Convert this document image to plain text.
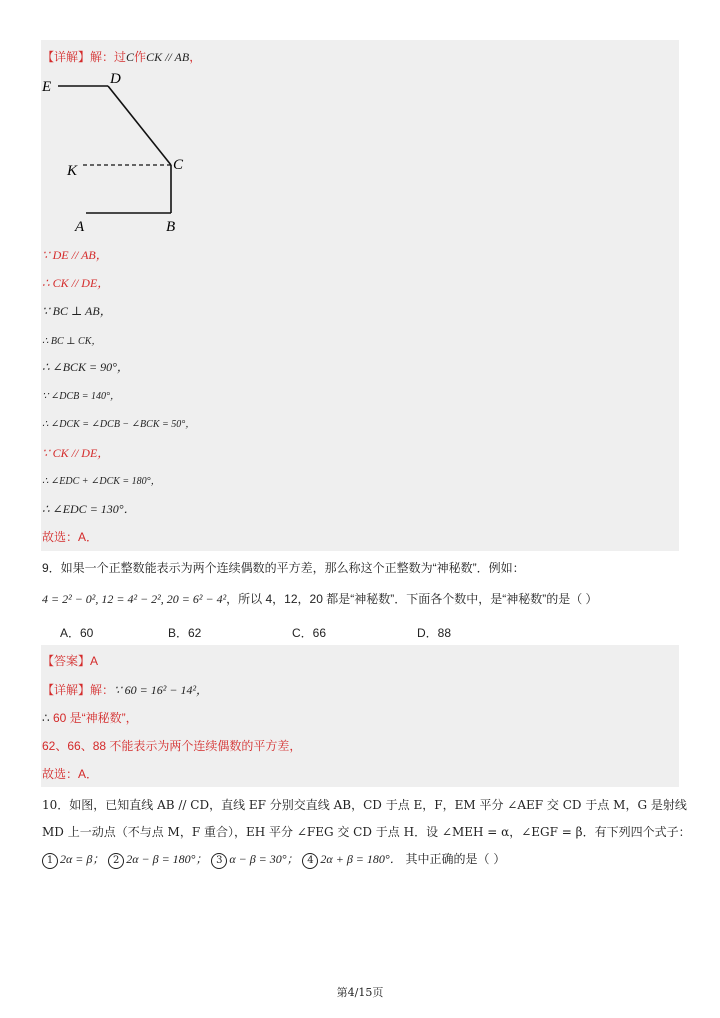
【详解】解：过C作CK // AB，
E	D
K	C
A	B
∵ DE // AB，
∴ CK // DE，
∵ BC ⊥ AB，
∴ BC ⊥ CK，
∴ ∠BCK = 90°，
∵ ∠DCB = 140°，
∴ ∠DCK = ∠DCB − ∠BCK = 50°，
∵ CK // DE，
∴ ∠EDC + ∠DCK = 180°，
∴ ∠EDC = 130°．
故选：A．
9．如果一个正整数能表示为两个连续偶数的平方差，那么称这个正整数为“神秘数”．例如：
4 = 2² − 0², 12 = 4² − 2², 20 = 6² − 4²，所以 4，12，20 都是“神秘数”．下面各个数中，是“神秘数”的是（ ）
A．60	B．62	C．66	D．88
【答案】A
【详解】解：∵ 60 = 16² − 14²，
∴ 60 是“神秘数”，
62、66、88 不能表示为两个连续偶数的平方差，
故选：A．
10．如图，已知直线 AB // CD，直线 EF 分别交直线 AB，CD 于点 E，F，EM 平分 ∠AEF 交 CD 于点 M，G 是射线
MD 上一动点（不与点 M，F 重合），EH 平分 ∠FEG 交 CD 于点 H．设 ∠MEH = α，∠EGF = β．有下列四个式子：
1 2α = β； 2 2α − β = 180°； 3 α − β = 30°； 4 2α + β = 180°． 其中正确的是（ ）
第4/15页
